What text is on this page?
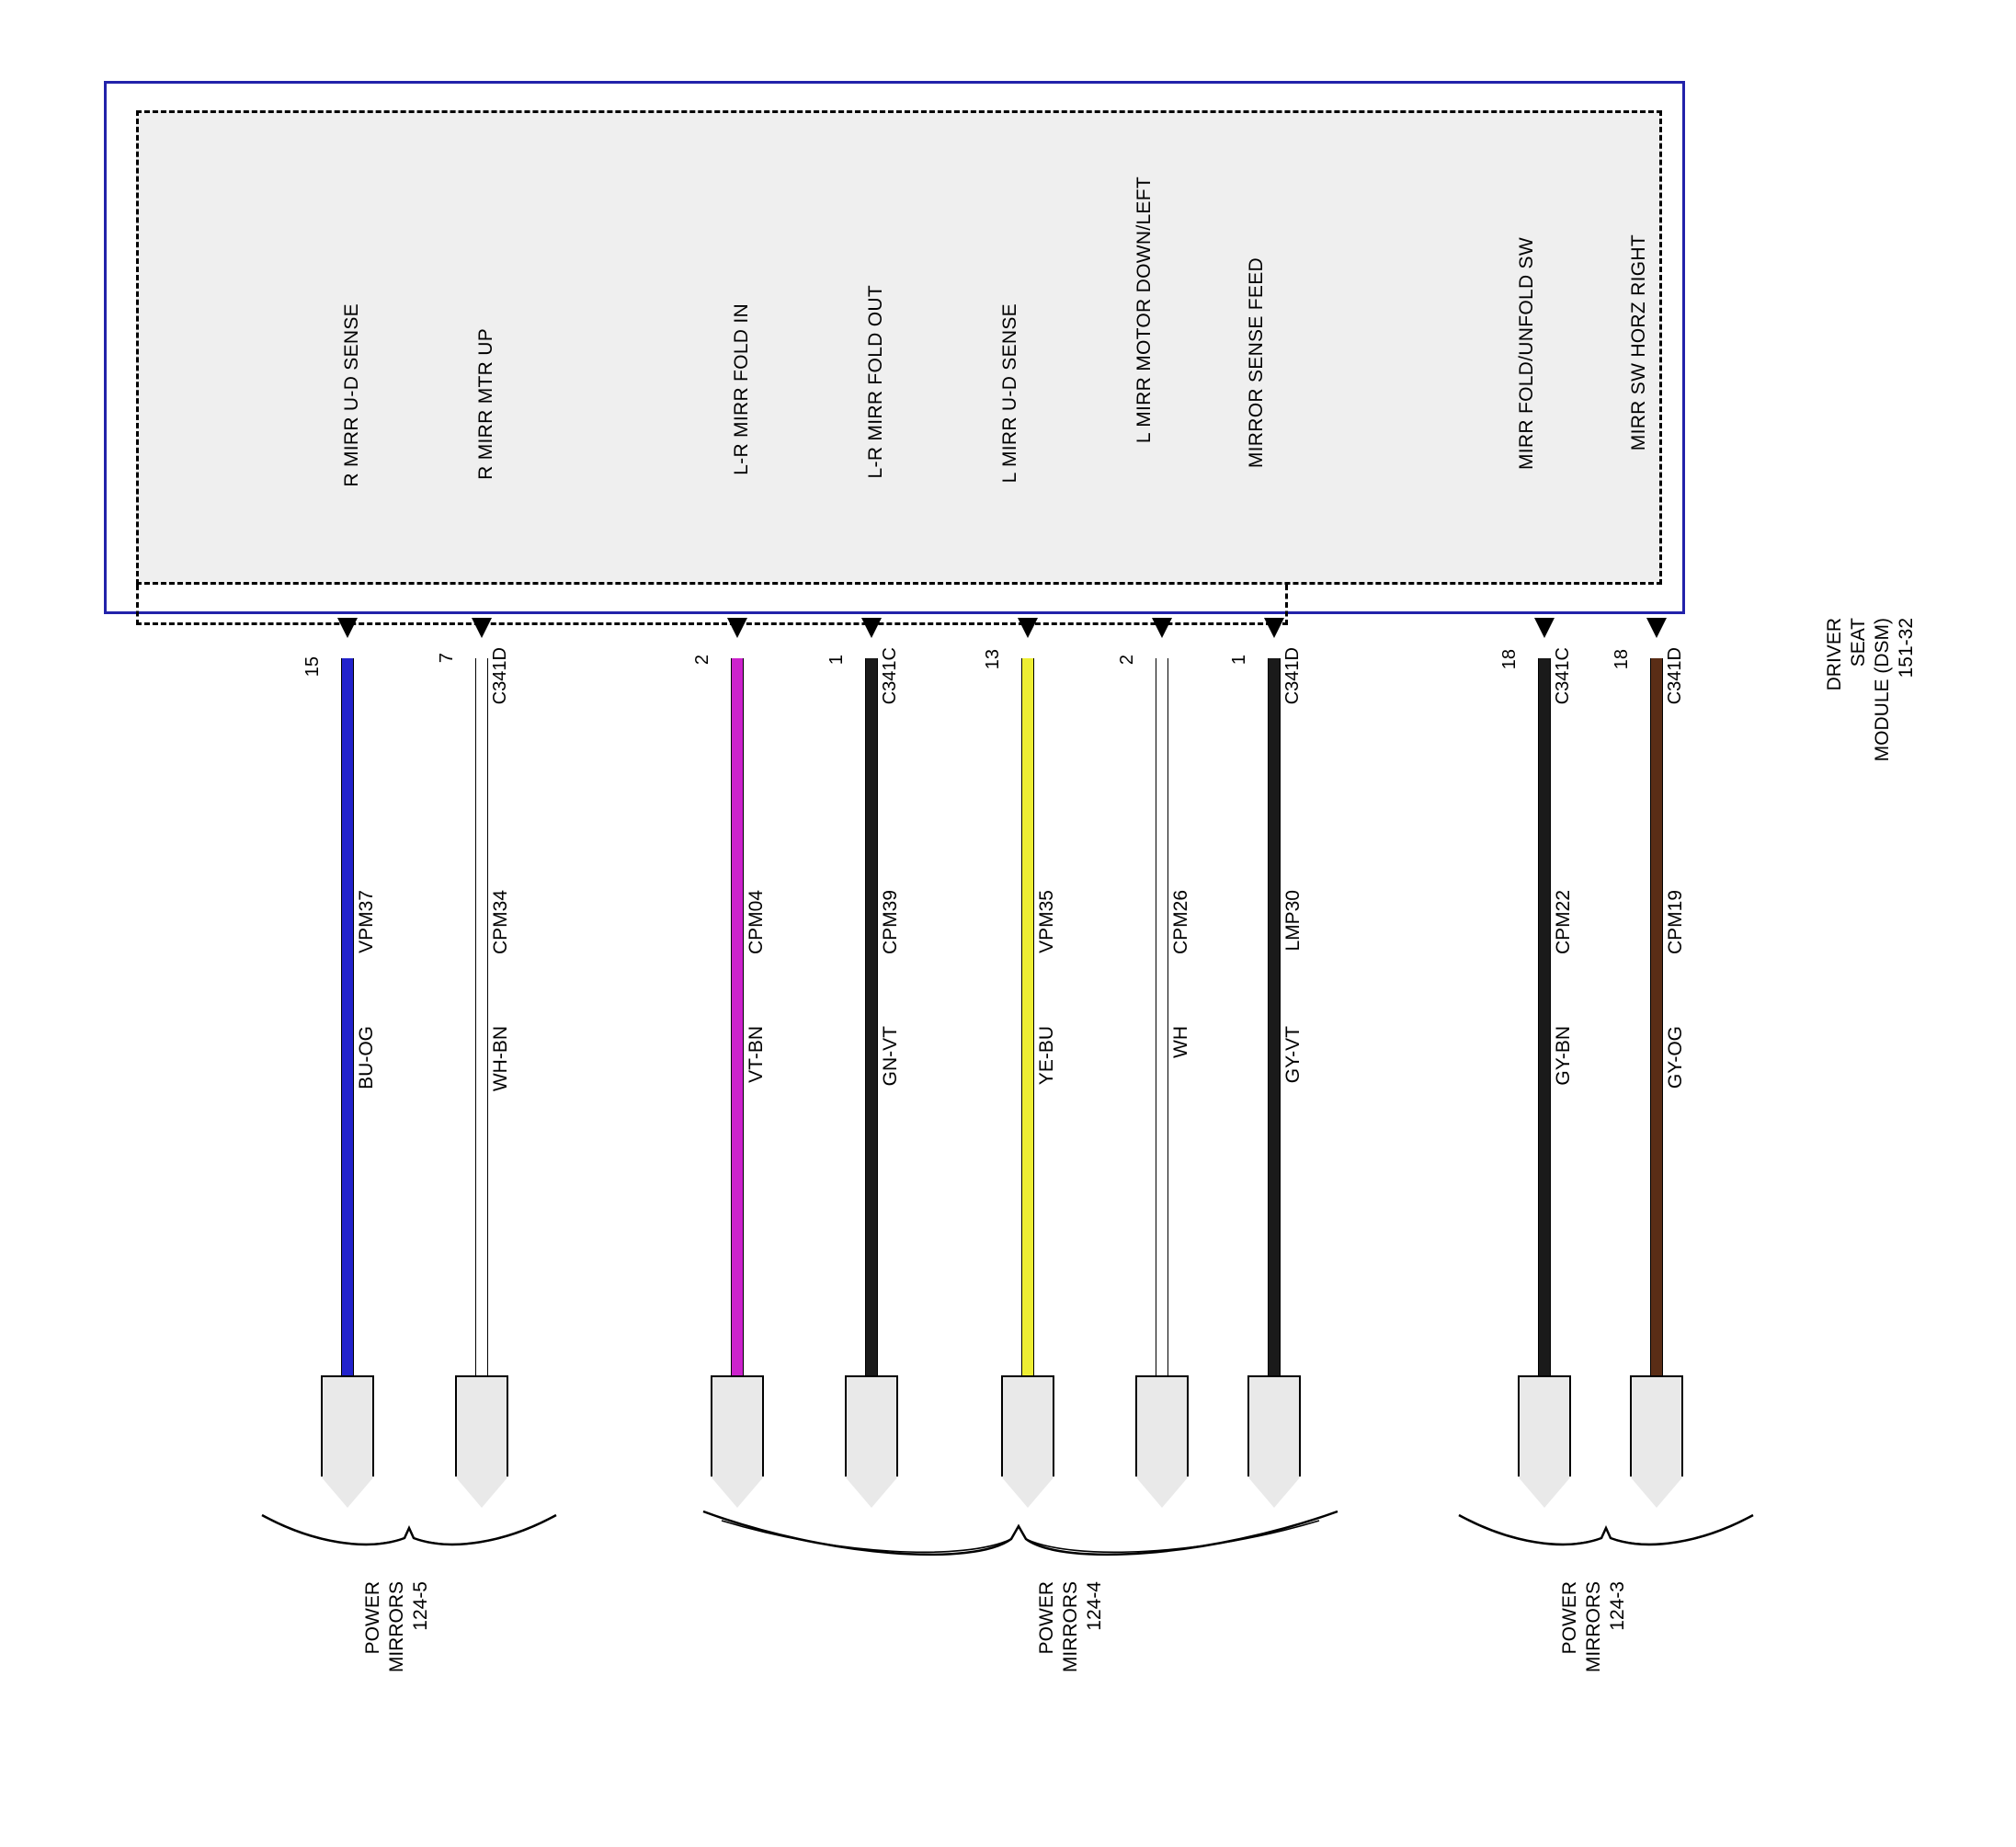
R MIRR U-D SENSE	R MIRR MTR UP	L-R MIRR FOLD IN	L-R MIRR FOLD OUT	L MIRR U-D SENSE	L MIRR MOTOR DOWN/LEFT	MIRROR SENSE FEED	MIRR FOLD/UNFOLD SW	MIRR SW HORZ RIGHT
DRIVER SEAT MODULE (DSM) 151-32
15
VPM37
BU-OG
7 C341D
CPM34
WH-BN
2
CPM04
VT-BN
1 C341C
CPM39
GN-VT
13
VPM35
YE-BU
2
CPM26
WH
1 C341D
LMP30
GY-VT
18 C341C
CPM22
GY-BN
18 C341D
CPM19
GY-OG
POWER MIRRORS 124-5	POWER MIRRORS 124-4	POWER MIRRORS 124-3
